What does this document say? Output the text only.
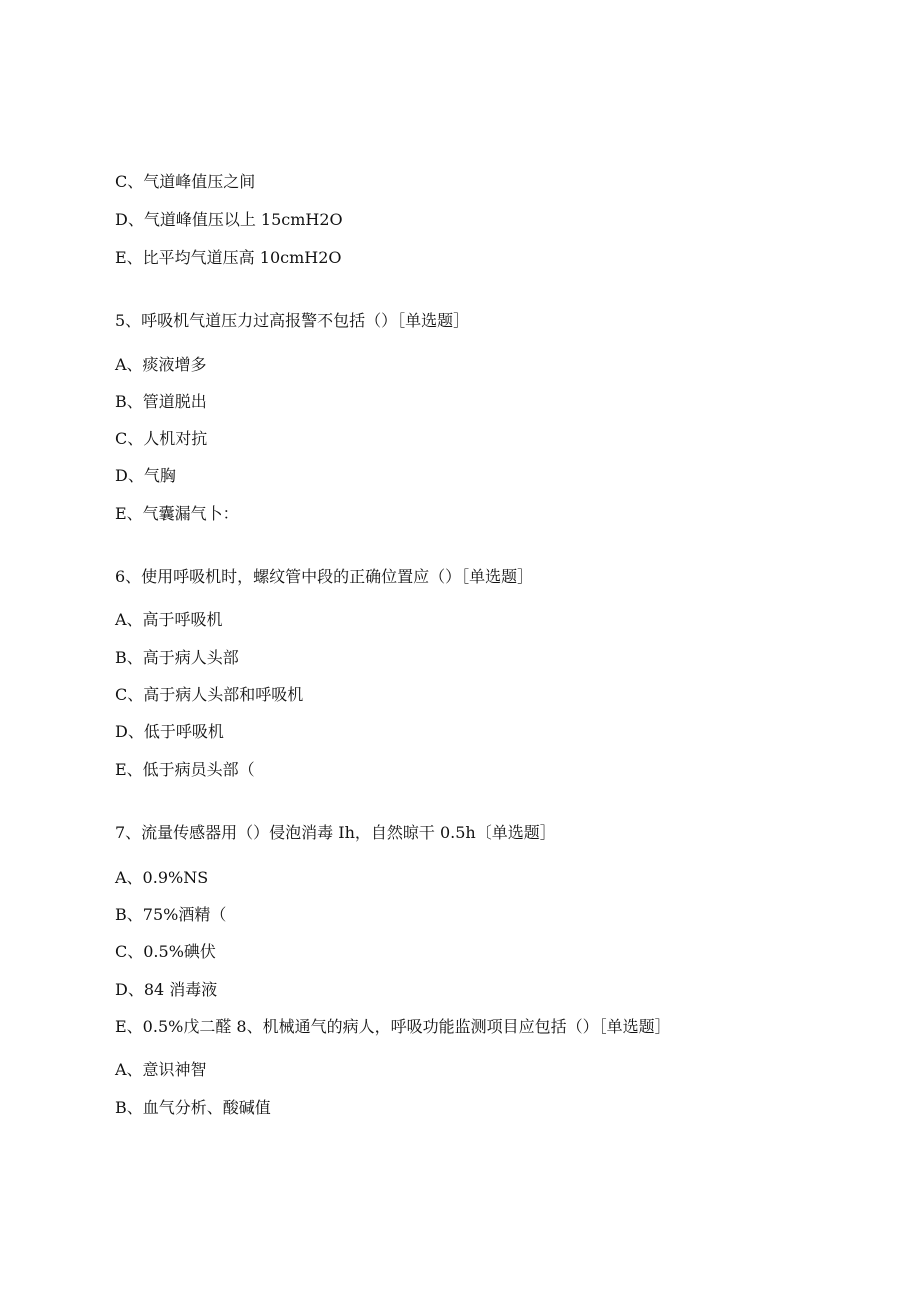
C、气道峰值压之间
D、气道峰值压以上 15cmH2O
E、比平均气道压高 10cmH2O
5、呼吸机气道压力过高报警不包括（）［单选题］
A、痰液增多
B、管道脱出
C、人机对抗
D、气胸
E、气囊漏气卜：
6、使用呼吸机时，螺纹管中段的正确位置应（）［单选题］
A、高于呼吸机
B、高于病人头部
C、高于病人头部和呼吸机
D、低于呼吸机
E、低于病员头部（
7、流量传感器用（）侵泡消毒 Ih，自然晾干 0.5h〔单选题］
A、0.9%NS
B、75%酒精（
C、0.5%碘伏
D、84 消毒液
E、0.5%戊二醛 8、机械通气的病人，呼吸功能监测项目应包括（）［单选题］
A、意识神智
B、血气分析、酸碱值
